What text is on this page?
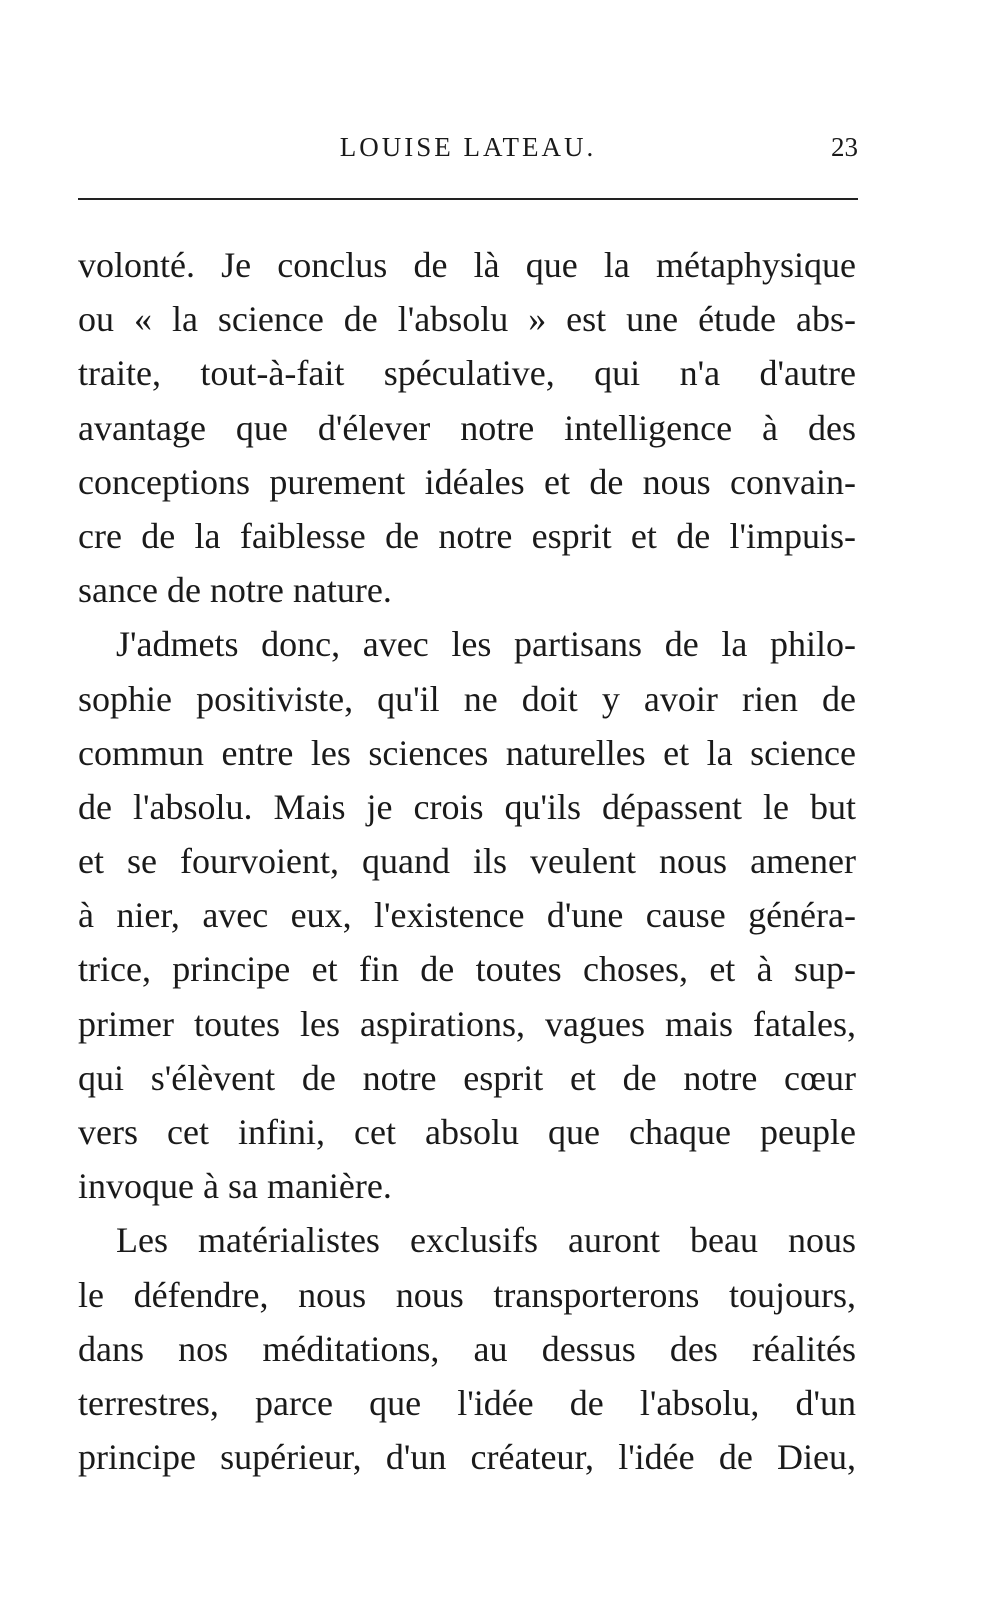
LOUISE LATEAU.	23
volonté. Je conclus de là que la métaphysique
ou « la science de l'absolu » est une étude abs-
traite, tout-à-fait spéculative, qui n'a d'autre
avantage que d'élever notre intelligence à des
conceptions purement idéales et de nous convain-
cre de la faiblesse de notre esprit et de l'impuis-
sance de notre nature.
J'admets donc, avec les partisans de la philo-
sophie positiviste, qu'il ne doit y avoir rien de
commun entre les sciences naturelles et la science
de l'absolu. Mais je crois qu'ils dépassent le but
et se fourvoient, quand ils veulent nous amener
à nier, avec eux, l'existence d'une cause généra-
trice, principe et fin de toutes choses, et à sup-
primer toutes les aspirations, vagues mais fatales,
qui s'élèvent de notre esprit et de notre cœur
vers cet infini, cet absolu que chaque peuple
invoque à sa manière.
Les matérialistes exclusifs auront beau nous
le défendre, nous nous transporterons toujours,
dans nos méditations, au dessus des réalités
terrestres, parce que l'idée de l'absolu, d'un
principe supérieur, d'un créateur, l'idée de Dieu,
